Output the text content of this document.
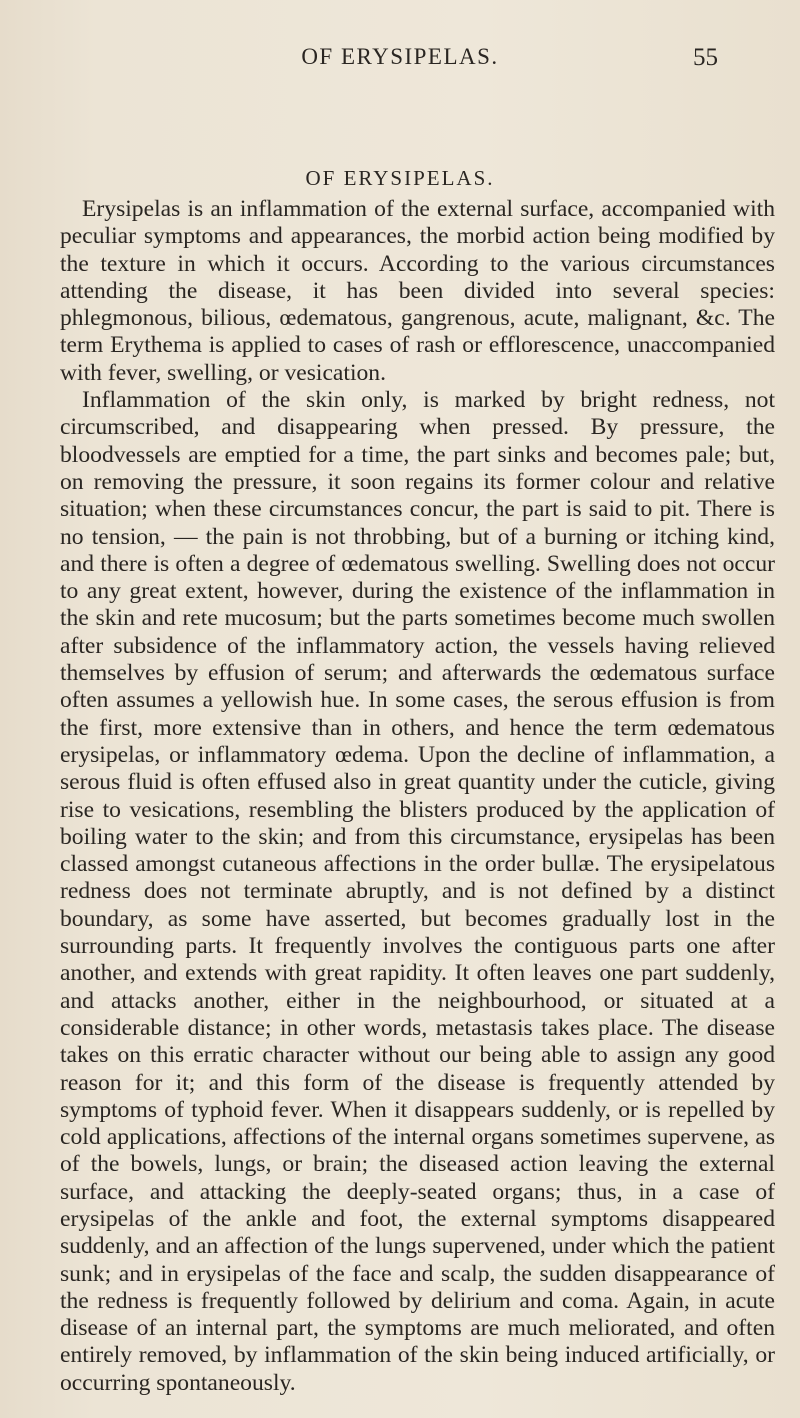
OF ERYSIPELAS.	55
OF ERYSIPELAS.

Erysipelas is an inflammation of the external surface, accompanied with peculiar symptoms and appearances, the morbid action being modified by the texture in which it occurs. According to the various circumstances attending the disease, it has been divided into several species: phlegmonous, bilious, œdematous, gangrenous, acute, malignant, &c. The term Erythema is applied to cases of rash or efflorescence, unaccompanied with fever, swelling, or vesication.

Inflammation of the skin only, is marked by bright redness, not circumscribed, and disappearing when pressed. By pressure, the bloodvessels are emptied for a time, the part sinks and becomes pale; but, on removing the pressure, it soon regains its former colour and relative situation; when these circumstances concur, the part is said to pit. There is no tension, — the pain is not throbbing, but of a burning or itching kind, and there is often a degree of œdematous swelling. Swelling does not occur to any great extent, however, during the existence of the inflammation in the skin and rete mucosum; but the parts sometimes become much swollen after subsidence of the inflammatory action, the vessels having relieved themselves by effusion of serum; and afterwards the œdematous surface often assumes a yellowish hue. In some cases, the serous effusion is from the first, more extensive than in others, and hence the term œdematous erysipelas, or inflammatory œdema. Upon the decline of inflammation, a serous fluid is often effused also in great quantity under the cuticle, giving rise to vesications, resembling the blisters produced by the application of boiling water to the skin; and from this circumstance, erysipelas has been classed amongst cutaneous affections in the order bullæ. The erysipelatous redness does not terminate abruptly, and is not defined by a distinct boundary, as some have asserted, but becomes gradually lost in the surrounding parts. It frequently involves the contiguous parts one after another, and extends with great rapidity. It often leaves one part suddenly, and attacks another, either in the neighbourhood, or situated at a considerable distance; in other words, metastasis takes place. The disease takes on this erratic character without our being able to assign any good reason for it; and this form of the disease is frequently attended by symptoms of typhoid fever. When it disappears suddenly, or is repelled by cold applications, affections of the internal organs sometimes supervene, as of the bowels, lungs, or brain; the diseased action leaving the external surface, and attacking the deeply-seated organs; thus, in a case of erysipelas of the ankle and foot, the external symptoms disappeared suddenly, and an affection of the lungs supervened, under which the patient sunk; and in erysipelas of the face and scalp, the sudden disappearance of the redness is frequently followed by delirium and coma. Again, in acute disease of an internal part, the symptoms are much meliorated, and often entirely removed, by inflammation of the skin being induced artificially, or occurring spontaneously.
